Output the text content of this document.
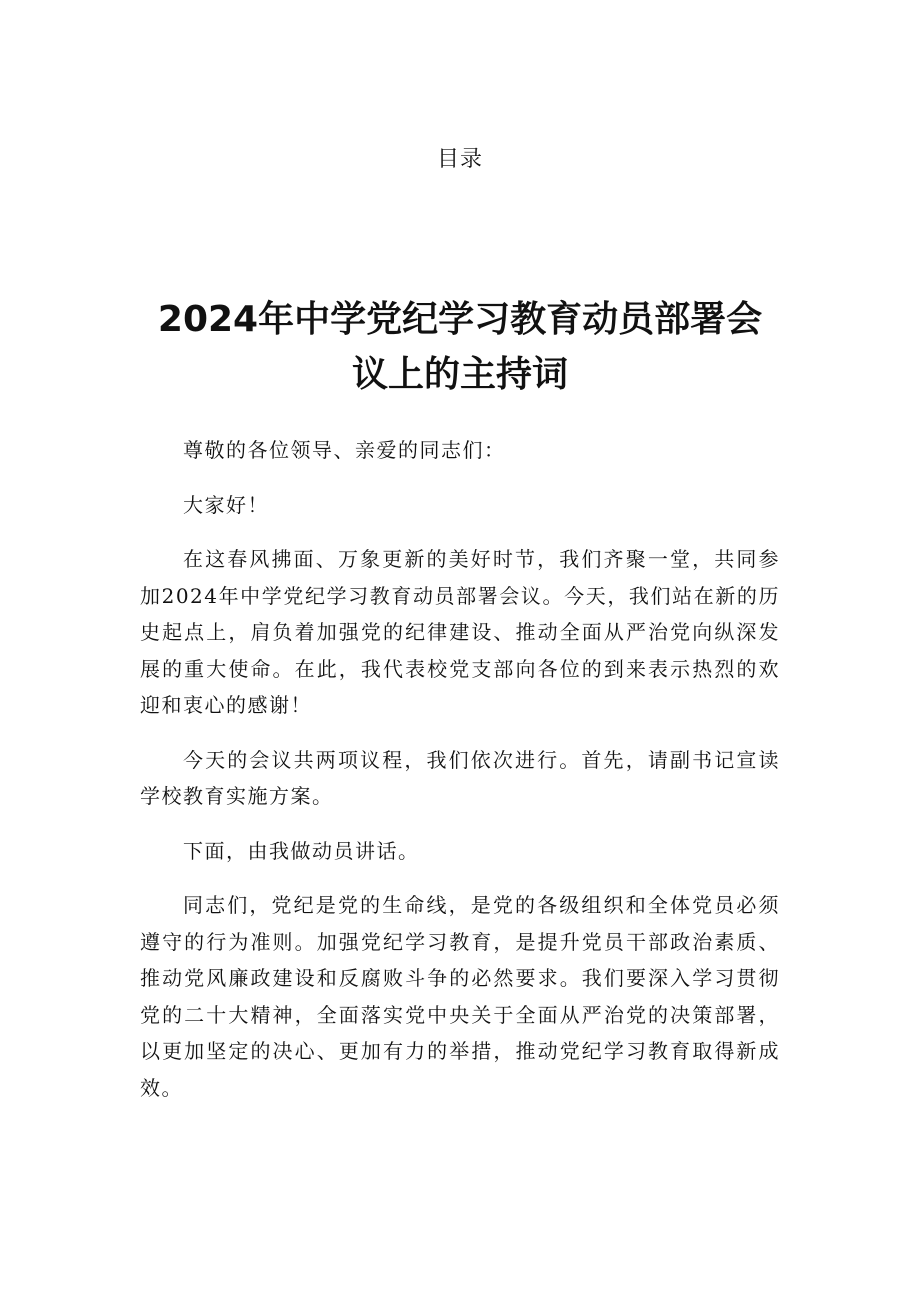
目录
2024年中学党纪学习教育动员部署会议上的主持词

尊敬的各位领导、亲爱的同志们：

大家好！

在这春风拂面、万象更新的美好时节，我们齐聚一堂，共同参加2024年中学党纪学习教育动员部署会议。今天，我们站在新的历史起点上，肩负着加强党的纪律建设、推动全面从严治党向纵深发展的重大使命。在此，我代表校党支部向各位的到来表示热烈的欢迎和衷心的感谢！

今天的会议共两项议程，我们依次进行。首先，请副书记宣读学校教育实施方案。

下面，由我做动员讲话。

同志们，党纪是党的生命线，是党的各级组织和全体党员必须遵守的行为准则。加强党纪学习教育，是提升党员干部政治素质、推动党风廉政建设和反腐败斗争的必然要求。我们要深入学习贯彻党的二十大精神，全面落实党中央关于全面从严治党的决策部署，以更加坚定的决心、更加有力的举措，推动党纪学习教育取得新成效。
